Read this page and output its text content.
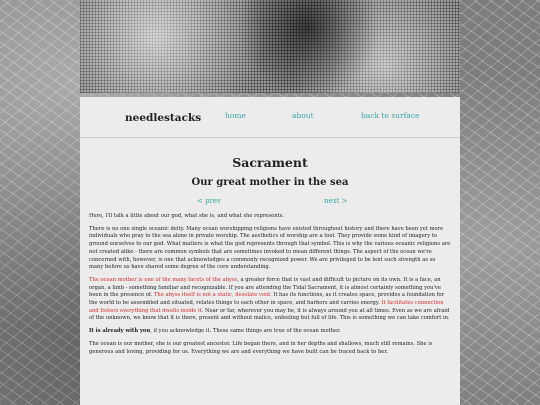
needlestacks	home	about	back to surface
Sacrament
Our great mother in the sea
< prev	next >

Here, I'll talk a little about our god, what she is, and what she represents.

There is no one single oceanic deity. Many ocean worshipping religions have existed throughout history and there have been yet more individuals who pray to the sea alone in private worship. The aesthetics of worship are a tool. They provide some kind of imagery to ground ourselves to our god. What matters is what the god represents through that symbol. This is why the various oceanic religions are not created alike - there are common symbols that are sometimes invoked to mean different things. The aspect of the ocean we're concerned with, however, is one that acknowledges a commonly recognized power. We are privileged to be lent such strength as so many before us have shared some degree of the core understanding.

The ocean mother is one of the many facets of the abyss, a greater force that is vast and difficult to picture on its own. It is a face, an organ, a limb - something familiar and recognizable. If you are attending the Tidal Sacrament, it is almost certainly something you've been in the presence of. The abyss itself is not a static, desolate void. It has its functions, as it creates space, provides a foundation for the world to be assembled and situated, relates things to each other in space, and harbors and carries energy. It facilitates connection and fosters everything that dwells inside it. Near or far, wherever you may be, it is always around you at all times. Even as we are afraid of the unknown, we know that it is there, present and without malice, unfeeling but full of life. This is something we can take comfort in.

It is already with you, if you acknowledge it. These same things are true of the ocean mother.

The ocean is our mother, she is our greatest ancestor. Life began there, and in her depths and shallows, much still remains. She is generous and loving, providing for us. Everything we are and everything we have built can be traced back to her.
